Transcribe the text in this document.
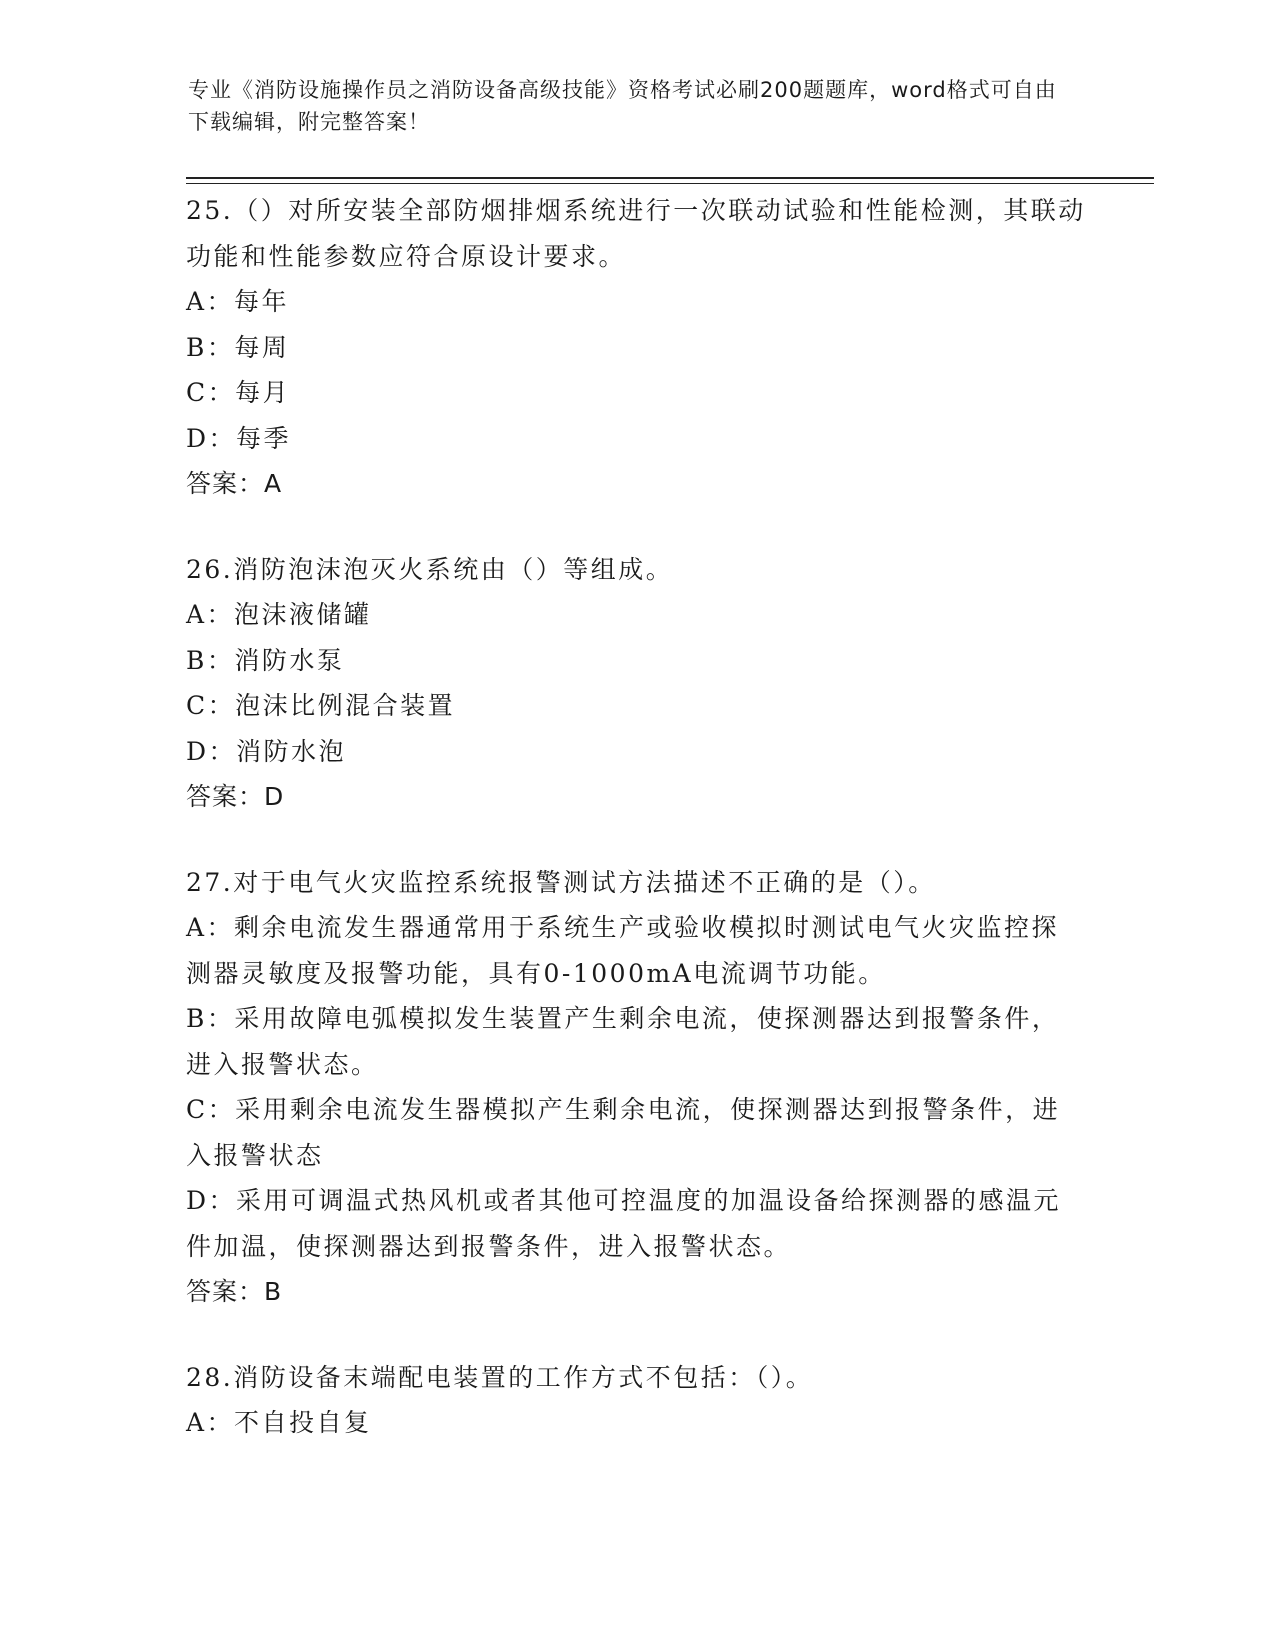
专业《消防设施操作员之消防设备高级技能》资格考试必刷200题题库，word格式可自由下载编辑，附完整答案！

25.（）对所安装全部防烟排烟系统进行一次联动试验和性能检测，其联动功能和性能参数应符合原设计要求。

A：每年

B：每周

C：每月

D：每季

答案：A

26.消防泡沫泡灭火系统由（）等组成。

A：泡沫液储罐

B：消防水泵

C：泡沫比例混合装置

D：消防水泡

答案：D

27.对于电气火灾监控系统报警测试方法描述不正确的是（）。

A：剩余电流发生器通常用于系统生产或验收模拟时测试电气火灾监控探测器灵敏度及报警功能，具有0-1000mA电流调节功能。

B：采用故障电弧模拟发生装置产生剩余电流，使探测器达到报警条件，进入报警状态。

C：采用剩余电流发生器模拟产生剩余电流，使探测器达到报警条件，进入报警状态

D：采用可调温式热风机或者其他可控温度的加温设备给探测器的感温元件加温，使探测器达到报警条件，进入报警状态。

答案：B

28.消防设备末端配电装置的工作方式不包括：（）。

A：不自投自复
